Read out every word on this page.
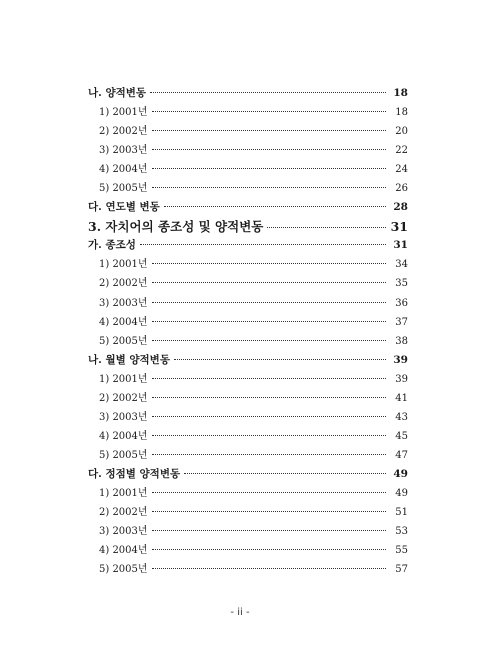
나. 양적변동	18
1) 2001년	18
2) 2002년	20
3) 2003년	22
4) 2004년	24
5) 2005년	26
다. 연도별 변동	28
3. 자치어의 종조성 및 양적변동	31
가. 종조성	31
1) 2001년	34
2) 2002년	35
3) 2003년	36
4) 2004년	37
5) 2005년	38
나. 월별 양적변동	39
1) 2001년	39
2) 2002년	41
3) 2003년	43
4) 2004년	45
5) 2005년	47
다. 정점별 양적변동	49
1) 2001년	49
2) 2002년	51
3) 2003년	53
4) 2004년	55
5) 2005년	57
- ii -
